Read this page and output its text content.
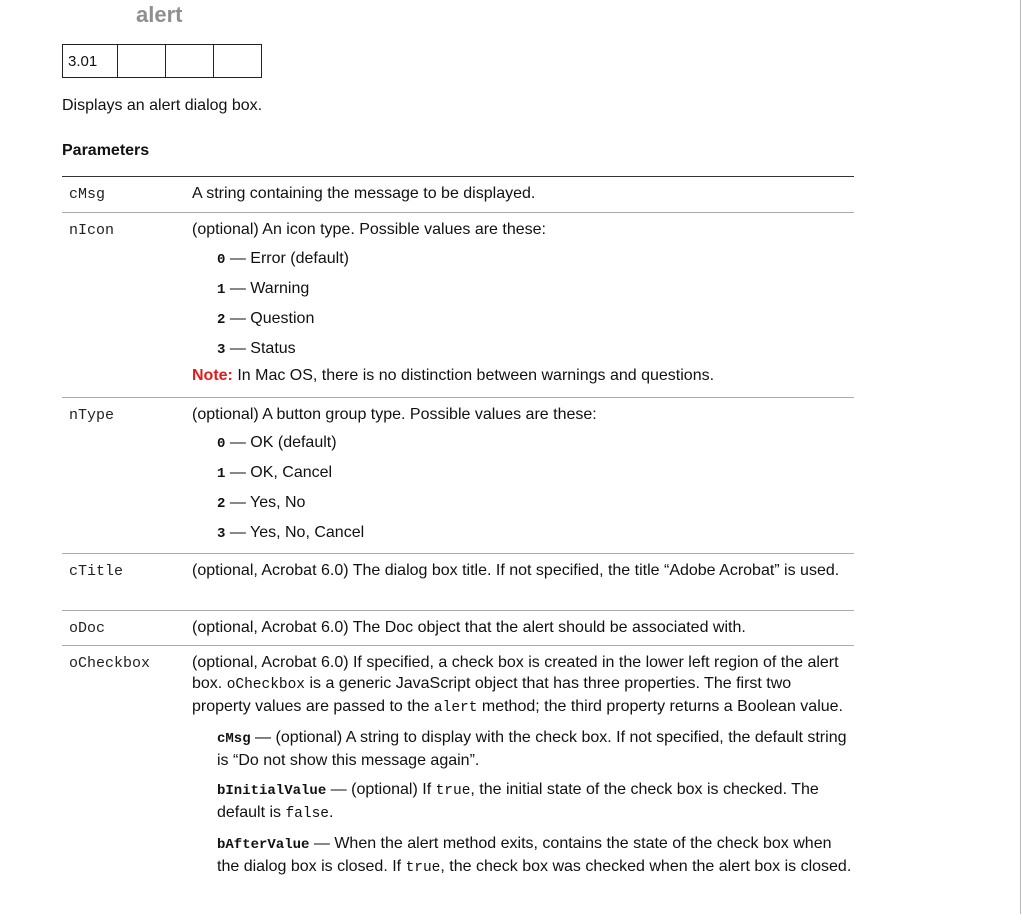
alert
3.01			
Displays an alert dialog box.
Parameters
cMsg	A string containing the message to be displayed.
nIcon	(optional) An icon type. Possible values are these:
0 — Error (default)
1 — Warning
2 — Question
3 — Status
Note: In Mac OS, there is no distinction between warnings and questions.
nType	(optional) A button group type. Possible values are these:
0 — OK (default)
1 — OK, Cancel
2 — Yes, No
3 — Yes, No, Cancel
cTitle	(optional, Acrobat 6.0) The dialog box title. If not specified, the title “Adobe Acrobat” is used.
oDoc	(optional, Acrobat 6.0) The Doc object that the alert should be associated with.
oCheckbox	(optional, Acrobat 6.0) If specified, a check box is created in the lower left region of the alert box. oCheckbox is a generic JavaScript object that has three properties. The first two property values are passed to the alert method; the third property returns a Boolean value.
cMsg — (optional) A string to display with the check box. If not specified, the default string is “Do not show this message again”.
bInitialValue — (optional) If true, the initial state of the check box is checked. The default is false.
bAfterValue — When the alert method exits, contains the state of the check box when the dialog box is closed. If true, the check box was checked when the alert box is closed.
